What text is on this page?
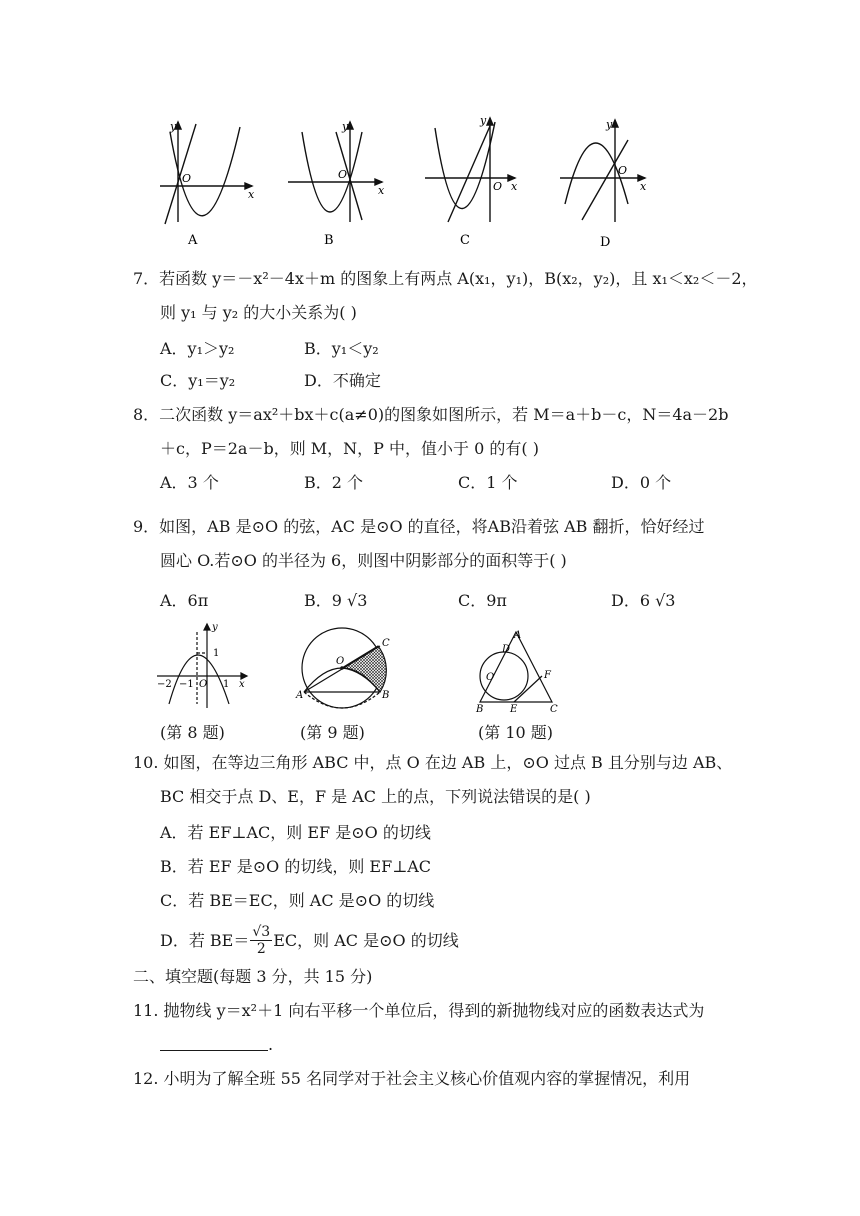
y
x
O
y
x
O
y
x
O
y
x
O
A	B	C	D
7．若函数 y＝－x²－4x＋m 的图象上有两点 A(x₁，y₁)，B(x₂，y₂)，且 x₁＜x₂＜－2，
则 y₁ 与 y₂ 的大小关系为( )
A．y₁＞y₂	B．y₁＜y₂
C．y₁＝y₂	D．不确定
8．二次函数 y＝ax²＋bx＋c(a≠0)的图象如图所示，若 M＝a＋b－c，N＝4a－2b
＋c，P＝2a－b，则 M，N，P 中，值小于 0 的有( )
A．3 个	B．2 个	C．1 个	D．0 个
9．如图，AB 是⊙O 的弦，AC 是⊙O 的直径，将AB沿着弦 AB 翻折，恰好经过
圆心 O.若⊙O 的半径为 6，则图中阴影部分的面积等于( )
A．6π	B．9 √3	C．9π	D．6 √3
y
1
−2 −1 O 1 x
C
O
A	B
A
D
O	F
B	E	C
(第 8 题)	(第 9 题)	(第 10 题)
10. 如图，在等边三角形 ABC 中，点 O 在边 AB 上，⊙O 过点 B 且分别与边 AB、
BC 相交于点 D、E，F 是 AC 上的点，下列说法错误的是( )
A．若 EF⊥AC，则 EF 是⊙O 的切线
B．若 EF 是⊙O 的切线，则 EF⊥AC
C．若 BE＝EC，则 AC 是⊙O 的切线
D．若 $BE= \frac{√3}{2}$ EC，则 AC 是⊙O 的切线
二、填空题(每题 3 分，共 15 分)
11. 抛物线 y＝x²＋1 向右平移一个单位后，得到的新抛物线对应的函数表达式为
.
12. 小明为了解全班 55 名同学对于社会主义核心价值观内容的掌握情况，利用
